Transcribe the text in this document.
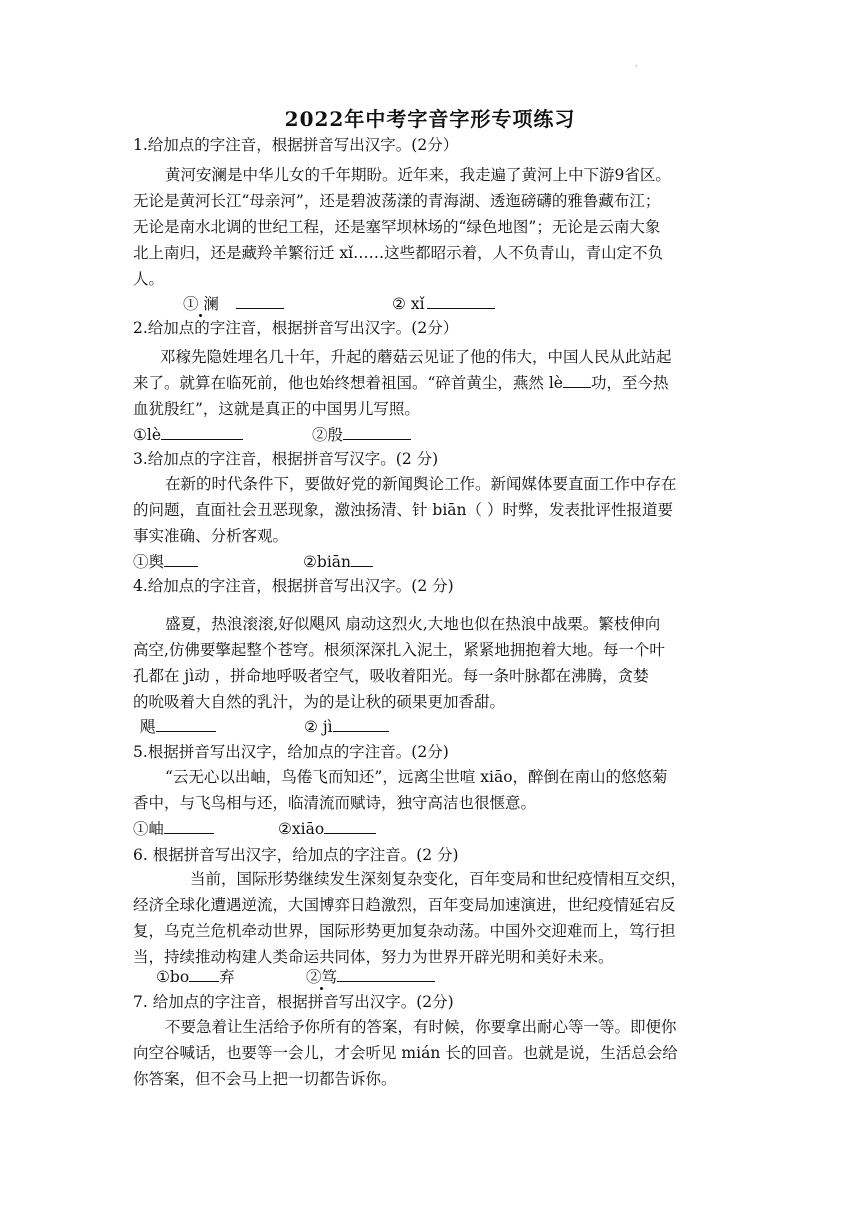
·
2022年中考字音字形专项练习
1.给加点的字注音，根据拼音写出汉字。(2分）
黄河安澜是中华儿女的千年期盼。近年来，我走遍了黄河上中下游9省区。
无论是黄河长江“母亲河”，还是碧波荡漾的青海湖、透迤磅礴的雅鲁藏布江；
无论是南水北调的世纪工程，还是塞罕坝林场的“绿色地图”；无论是云南大象
北上南归，还是藏羚羊繁衍迁 xǐ……这些都昭示着，人不负青山，青山定不负
人。
① 澜	② xǐ
2.给加点的字注音，根据拼音写出汉字。(2分）
邓稼先隐姓埋名几十年，升起的蘑菇云见证了他的伟大，中国人民从此站起
来了。就算在临死前，他也始终想着祖国。“碎首黄尘，燕然 lè 功，至今热
血犹殷红”，这就是真正的中国男儿写照。
①lè	②殷
3.给加点的字注音，根据拼音写汉字。(2 分)
在新的时代条件下，要做好党的新闻舆论工作。新闻媒体要直面工作中存在
的问题，直面社会丑恶现象，激浊扬清、针 biān（ ）时弊，发表批评性报道要
事实准确、分析客观。
①舆	②biān
4.给加点的字注音，根据拼音写出汉字。(2 分)
盛夏，热浪滚滚,好似飓风 扇动这烈火,大地也似在热浪中战栗。繁枝伸向
高空,仿佛要擎起整个苍穹。根须深深扎入泥土，紧紧地拥抱着大地。每一个叶
孔都在 jì动 ，拼命地呼吸者空气，吸收着阳光。每一条叶脉都在沸腾，贪婪
的吮吸着大自然的乳汁，为的是让秋的硕果更加香甜。
飓	② jì
5.根据拼音写出汉字，给加点的字注音。(2分)
“云无心以出岫，鸟倦飞而知还”，远离尘世喧 xiāo，醉倒在南山的悠悠菊
香中，与飞鸟相与还，临清流而赋诗，独守高洁也很惬意。
①岫	②xiāo
6. 根据拼音写出汉字，给加点的字注音。(2 分)
当前，国际形势继续发生深刻复杂变化，百年变局和世纪疫情相互交织，
经济全球化遭遇逆流，大国博弈日趋激烈，百年变局加速演进，世纪疫情延宕反
复，乌克兰危机牵动世界，国际形势更加复杂动荡。中国外交迎难而上，笃行担
当，持续推动构建人类命运共同体，努力为世界开辟光明和美好未来。
①bo 弃	②笃
7. 给加点的字注音，根据拼音写出汉字。(2分)
不要急着让生活给予你所有的答案，有时候，你要拿出耐心等一等。即便你
向空谷喊话，也要等一会儿，才会听见 mián 长的回音。也就是说，生活总会给
你答案，但不会马上把一切都告诉你。
